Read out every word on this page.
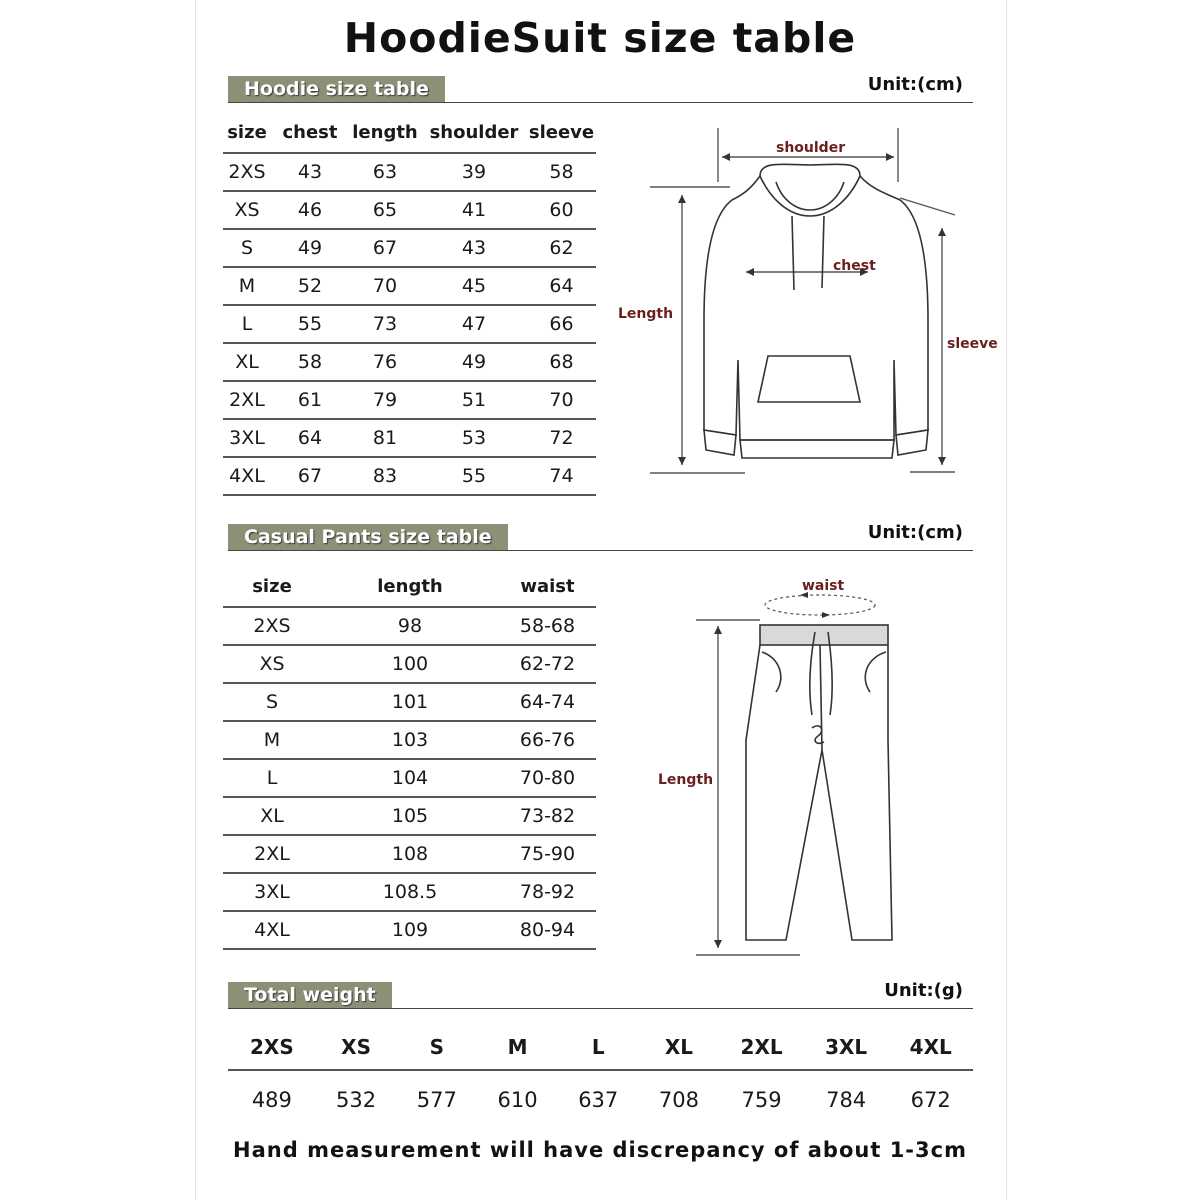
HoodieSuit size table
Hoodie size table	Unit:(cm)
size	chest	length	shoulder	sleeve
2XS	43	63	39	58
XS	46	65	41	60
S	49	67	43	62
M	52	70	45	64
L	55	73	47	66
XL	58	76	49	68
2XL	61	79	51	70
3XL	64	81	53	72
4XL	67	83	55	74
shoulder
chest
Length
sleeve
Casual Pants size table	Unit:(cm)
size	length	waist
2XS	98	58-68
XS	100	62-72
S	101	64-74
M	103	66-76
L	104	70-80
XL	105	73-82
2XL	108	75-90
3XL	108.5	78-92
4XL	109	80-94
waist
Length
Total weight	Unit:(g)
2XS	XS	S	M	L	XL	2XL	3XL	4XL
489	532	577	610	637	708	759	784	672
Hand measurement will have discrepancy of about 1-3cm
